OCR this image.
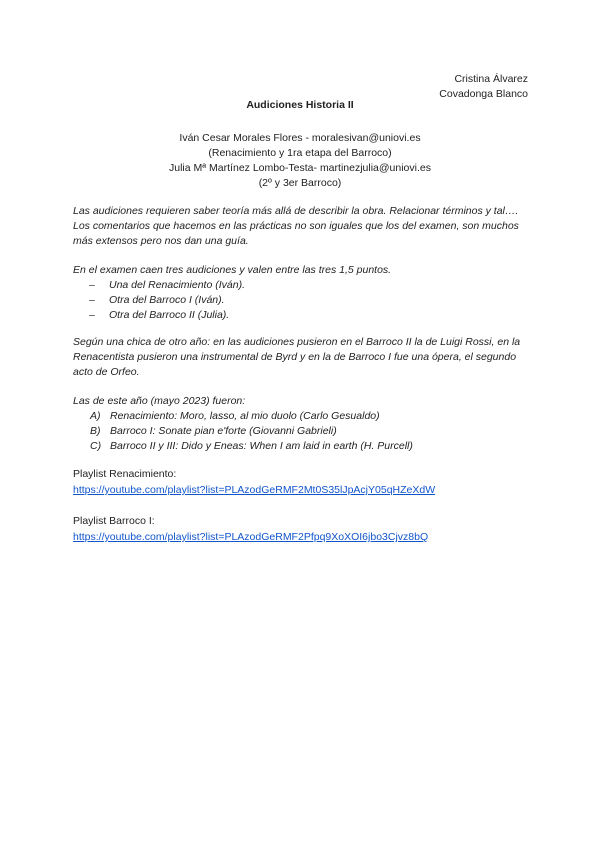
Cristina Álvarez
Covadonga Blanco
Audiciones Historia II
Iván Cesar Morales Flores - moralesivan@uniovi.es
(Renacimiento y 1ra etapa del Barroco)
Julia Mª Martínez Lombo-Testa- martinezjulia@uniovi.es
(2º y 3er Barroco)
Las audiciones requieren saber teoría más allá de describir la obra. Relacionar términos y tal…. Los comentarios que hacemos en las prácticas no son iguales que los del examen, son muchos más extensos pero nos dan una guía.
En el examen caen tres audiciones y valen entre las tres 1,5 puntos.
– Una del Renacimiento (Iván).
– Otra del Barroco I (Iván).
– Otra del Barroco II (Julia).
Según una chica de otro año: en las audiciones pusieron en el Barroco II la de Luigi Rossi, en la Renacentista pusieron una instrumental de Byrd y en la de Barroco I fue una ópera, el segundo acto de Orfeo.
Las de este año (mayo 2023) fueron:
A) Renacimiento: Moro, lasso, al mio duolo (Carlo Gesualdo)
B) Barroco I: Sonate pian e'forte (Giovanni Gabrieli)
C) Barroco II y III: Dido y Eneas: When I am laid in earth (H. Purcell)
Playlist Renacimiento:
https://youtube.com/playlist?list=PLAzodGeRMF2Mt0S35lJpAcjY05qHZeXdW
Playlist Barroco I:
https://youtube.com/playlist?list=PLAzodGeRMF2Pfpq9XoXOI6jbo3Cjvz8bQ
